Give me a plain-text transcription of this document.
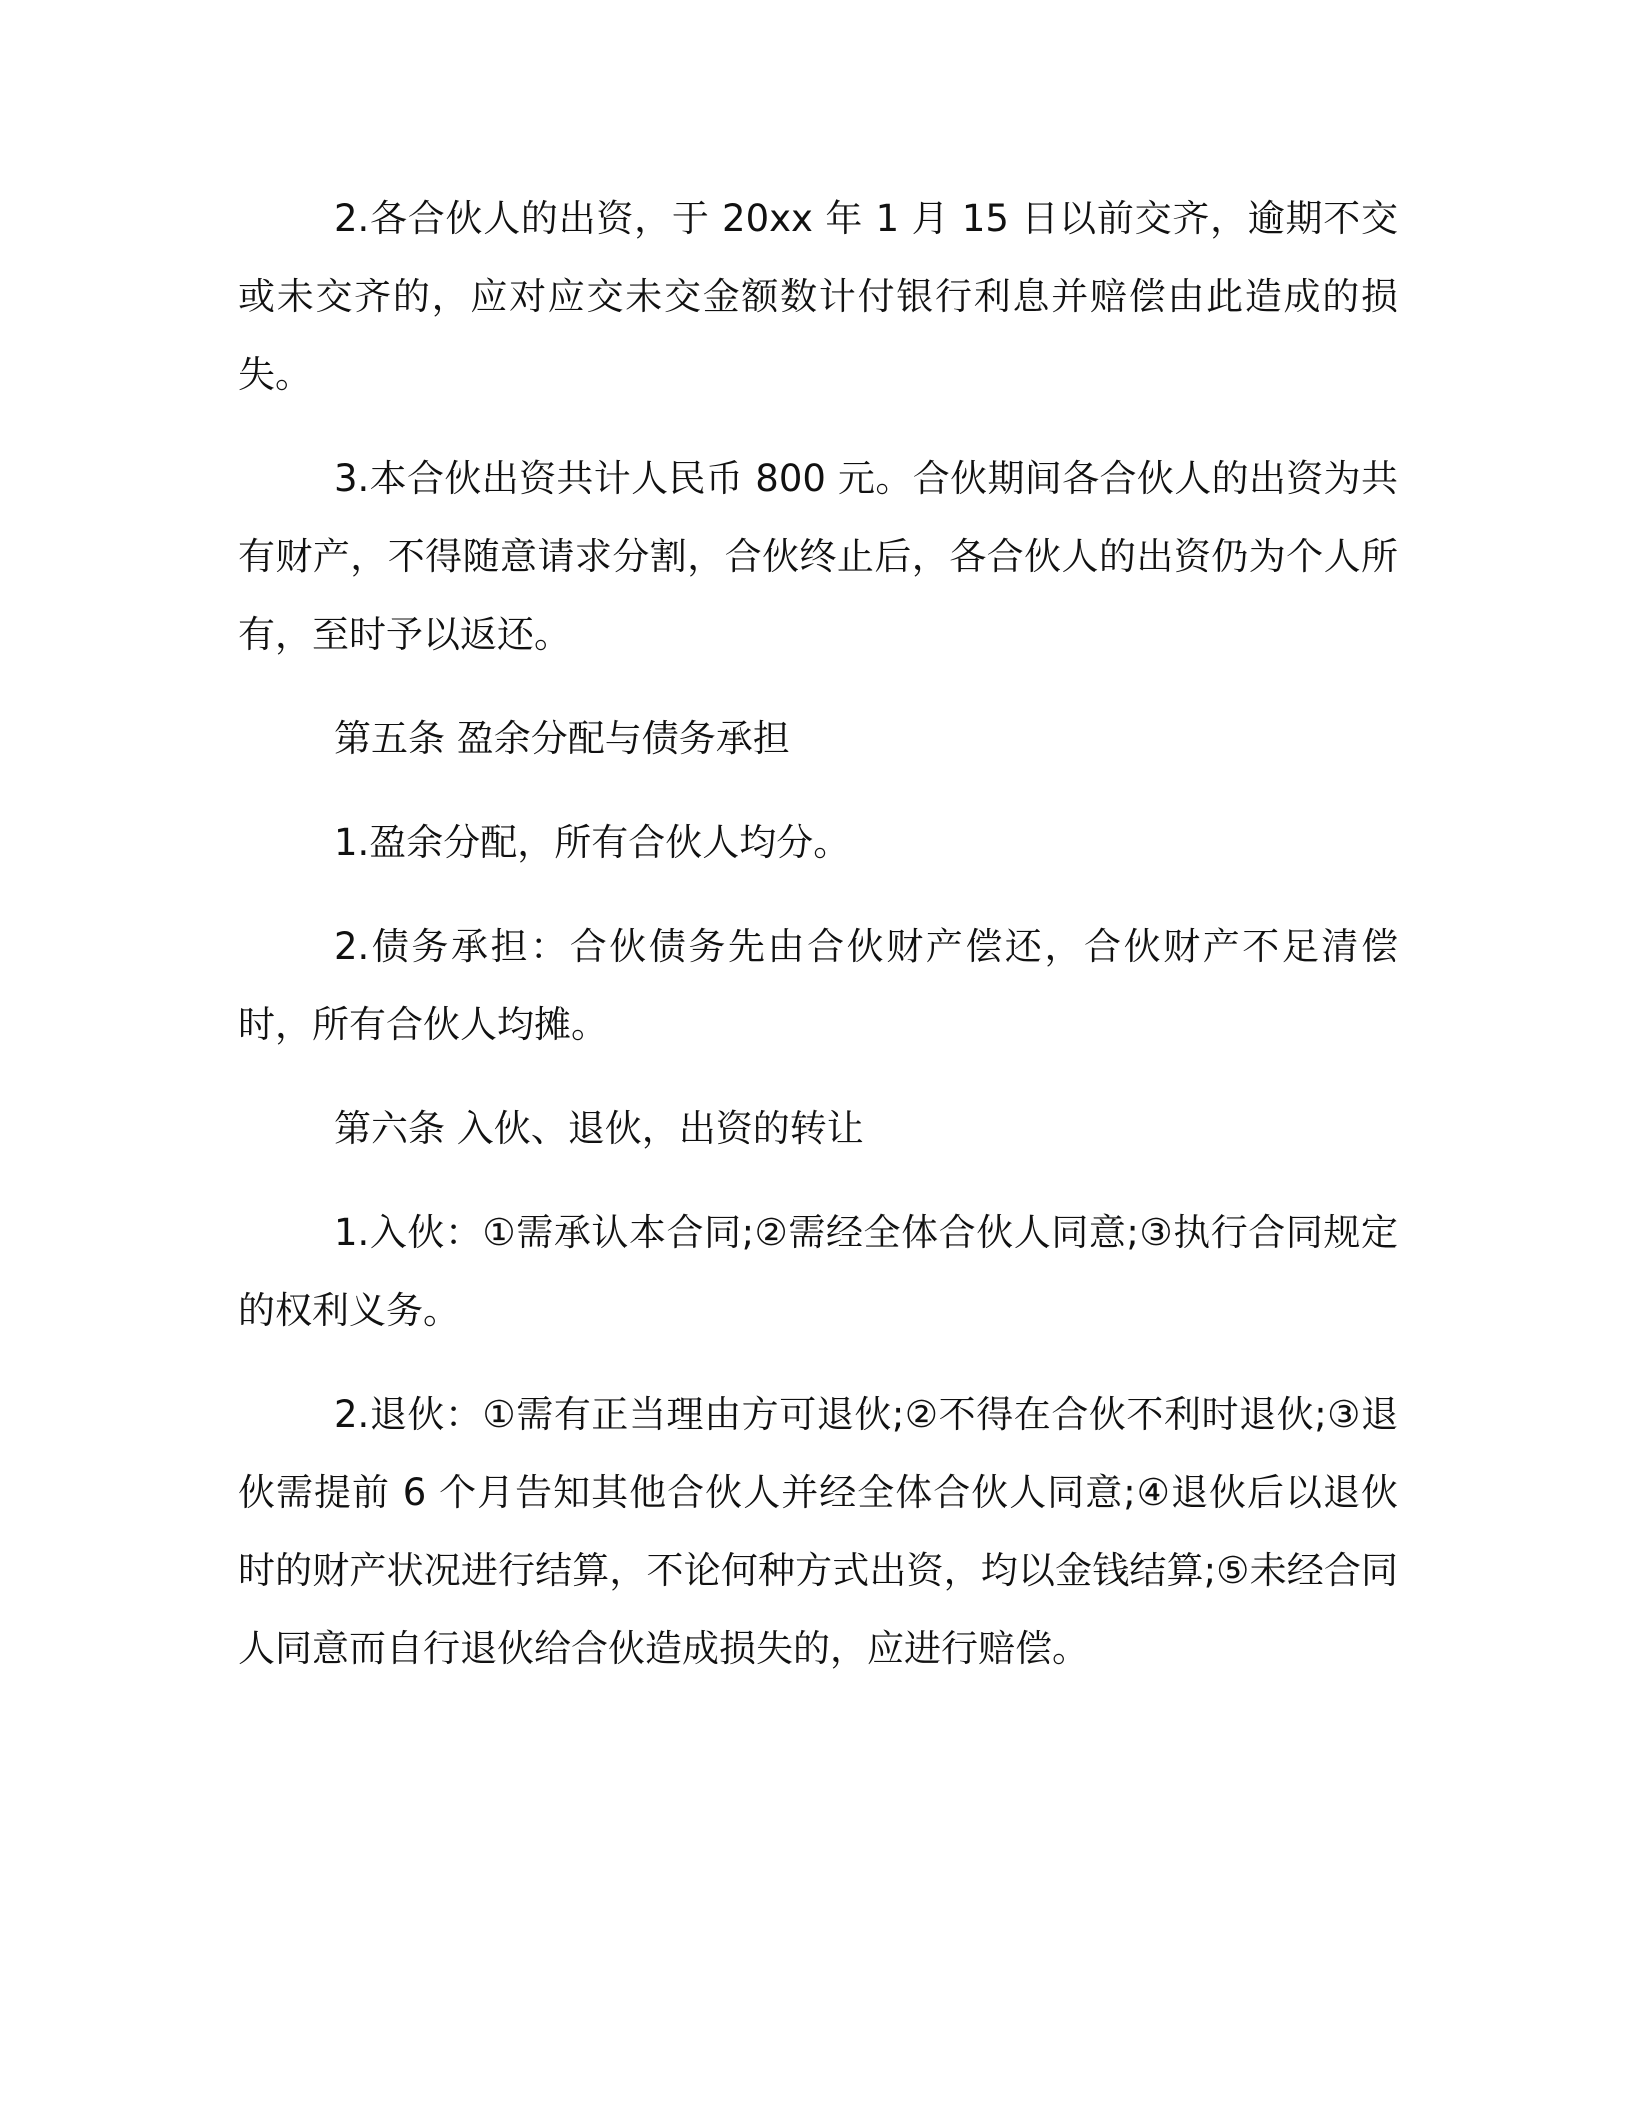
2.各合伙人的出资，于 20xx 年 1 月 15 日以前交齐，逾期不交或未交齐的，应对应交未交金额数计付银行利息并赔偿由此造成的损失。

3.本合伙出资共计人民币 800 元。合伙期间各合伙人的出资为共有财产，不得随意请求分割，合伙终止后，各合伙人的出资仍为个人所有，至时予以返还。

第五条 盈余分配与债务承担

1.盈余分配，所有合伙人均分。

2.债务承担：合伙债务先由合伙财产偿还，合伙财产不足清偿时，所有合伙人均摊。

第六条 入伙、退伙，出资的转让

1.入伙：①需承认本合同;②需经全体合伙人同意;③执行合同规定的权利义务。

2.退伙：①需有正当理由方可退伙;②不得在合伙不利时退伙;③退伙需提前 6 个月告知其他合伙人并经全体合伙人同意;④退伙后以退伙时的财产状况进行结算，不论何种方式出资，均以金钱结算;⑤未经合同人同意而自行退伙给合伙造成损失的，应进行赔偿。
